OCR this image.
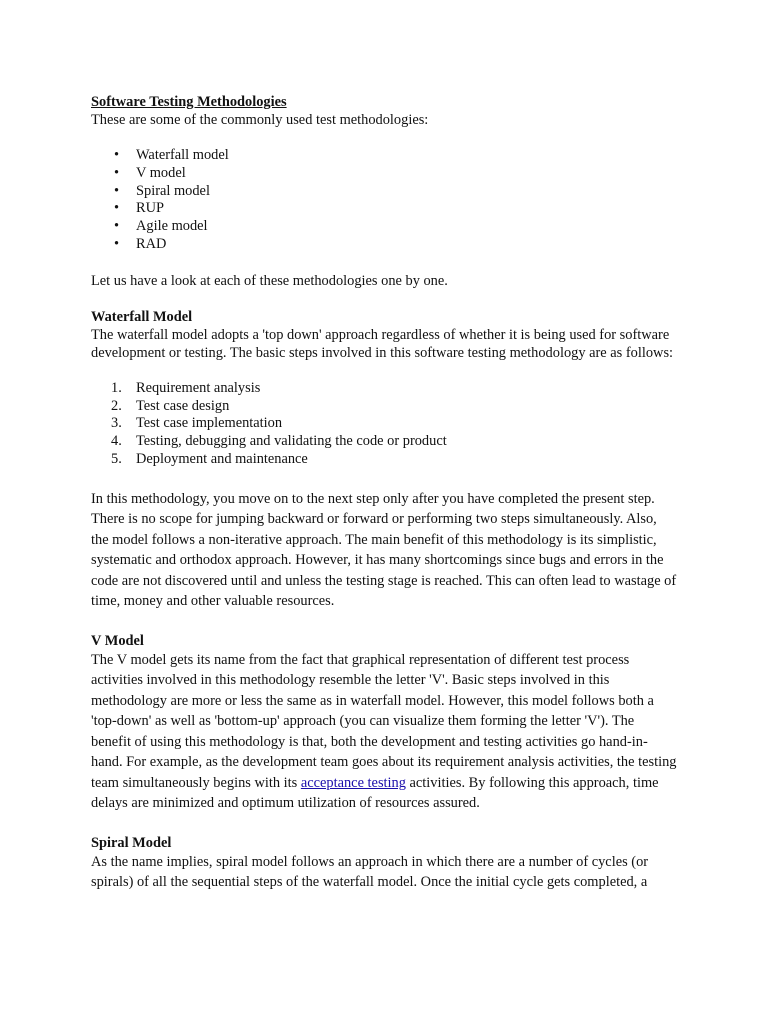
Software Testing Methodologies

These are some of the commonly used test methodologies:

• Waterfall model
• V model
• Spiral model
• RUP
• Agile model
• RAD

Let us have a look at each of these methodologies one by one.

Waterfall Model

The waterfall model adopts a 'top down' approach regardless of whether it is being used for software development or testing. The basic steps involved in this software testing methodology are as follows:

1. Requirement analysis
2. Test case design
3. Test case implementation
4. Testing, debugging and validating the code or product
5. Deployment and maintenance

In this methodology, you move on to the next step only after you have completed the present step. There is no scope for jumping backward or forward or performing two steps simultaneously. Also, the model follows a non-iterative approach. The main benefit of this methodology is its simplistic, systematic and orthodox approach. However, it has many shortcomings since bugs and errors in the code are not discovered until and unless the testing stage is reached. This can often lead to wastage of time, money and other valuable resources.

V Model

The V model gets its name from the fact that graphical representation of different test process activities involved in this methodology resemble the letter 'V'. Basic steps involved in this methodology are more or less the same as in waterfall model. However, this model follows both a 'top-down' as well as 'bottom-up' approach (you can visualize them forming the letter 'V'). The benefit of using this methodology is that, both the development and testing activities go hand-in-hand. For example, as the development team goes about its requirement analysis activities, the testing team simultaneously begins with its acceptance testing activities. By following this approach, time delays are minimized and optimum utilization of resources assured.

Spiral Model

As the name implies, spiral model follows an approach in which there are a number of cycles (or spirals) of all the sequential steps of the waterfall model. Once the initial cycle gets completed, a
